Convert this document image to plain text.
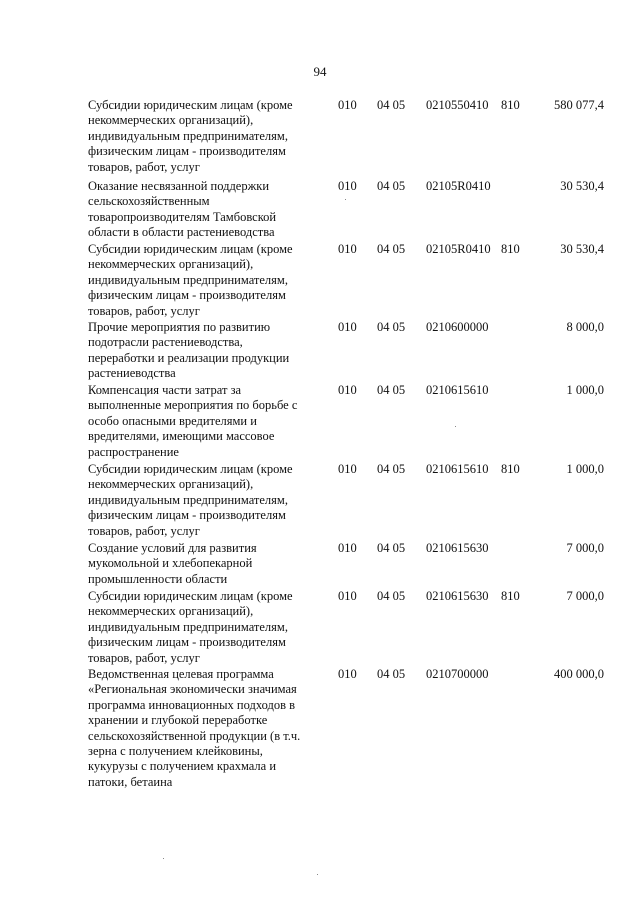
94
Субсидии юридическим лицам (кроме
некоммерческих организаций),
индивидуальным предпринимателям,
физическим лицам - производителям
товаров, работ, услуг
010 04 05 0210550410 810	580 077,4
Оказание несвязанной поддержки
сельскохозяйственным
товаропроизводителям Тамбовской
области в области растениеводства
010 04 05 02105R0410	30 530,4
Субсидии юридическим лицам (кроме
некоммерческих организаций),
индивидуальным предпринимателям,
физическим лицам - производителям
товаров, работ, услуг
010 04 05 02105R0410 810	30 530,4
Прочие мероприятия по развитию
подотрасли растениеводства,
переработки и реализации продукции
растениеводства
010 04 05 0210600000	8 000,0
Компенсация части затрат за
выполненные мероприятия по борьбе с
особо опасными вредителями и
вредителями, имеющими массовое
распространение
010 04 05 0210615610	1 000,0
Субсидии юридическим лицам (кроме
некоммерческих организаций),
индивидуальным предпринимателям,
физическим лицам - производителям
товаров, работ, услуг
010 04 05 0210615610 810	1 000,0
Создание условий для развития
мукомольной и хлебопекарной
промышленности области
010 04 05 0210615630	7 000,0
Субсидии юридическим лицам (кроме
некоммерческих организаций),
индивидуальным предпринимателям,
физическим лицам - производителям
товаров, работ, услуг
010 04 05 0210615630 810	7 000,0
Ведомственная целевая программа
«Региональная экономически значимая
программа инновационных подходов в
хранении и глубокой переработке
сельскохозяйственной продукции (в т.ч.
зерна с получением клейковины,
кукурузы с получением крахмала и
патоки, бетаина
010 04 05 0210700000	400 000,0
